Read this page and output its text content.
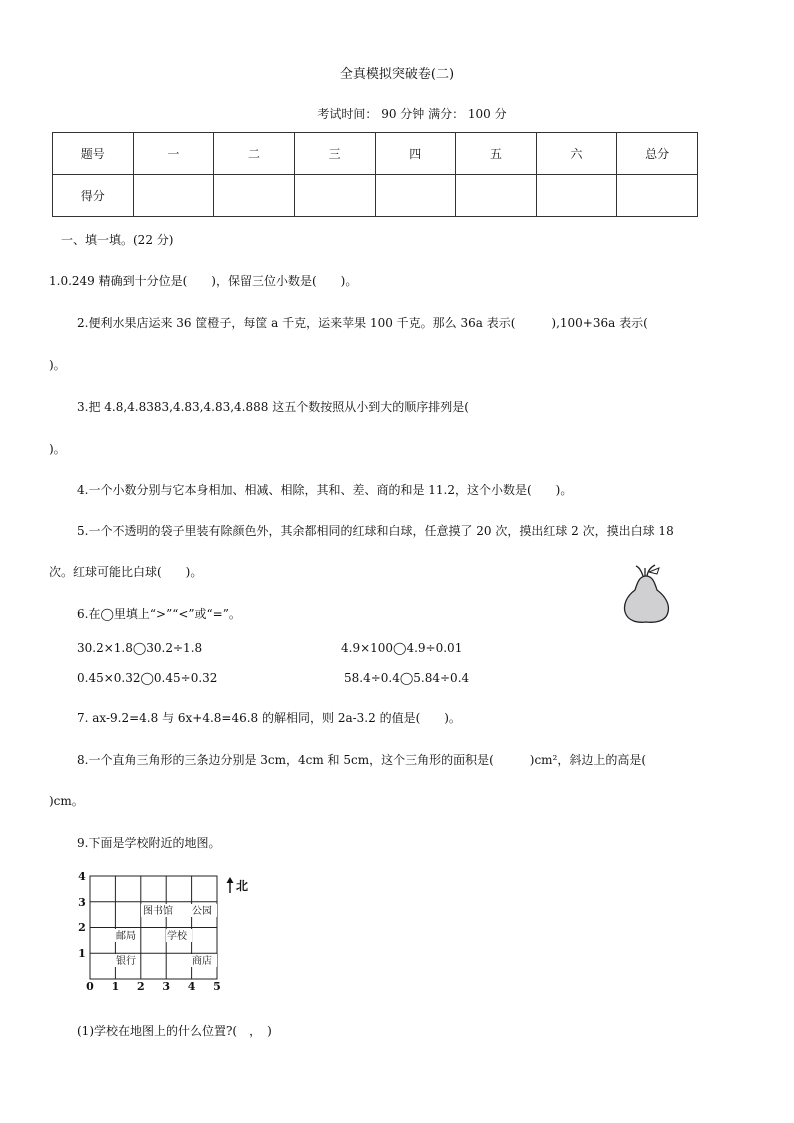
全真模拟突破卷(二)
考试时间： 90 分钟 满分： 100 分
题号	一	二	三	四	五	六	总分
得分							
一、填一填。(22 分)
1.0.249 精确到十分位是(　　)，保留三位小数是(　　)。
2.便利水果店运来 36 筐橙子，每筐 a 千克，运来苹果 100 千克。那么 36a 表示(　　　),100+36a 表示(
)。
3.把 4.8,4.8383,4.83,4.83,4.888 这五个数按照从小到大的顺序排列是(
)。
4.一个小数分别与它本身相加、相减、相除，其和、差、商的和是 11.2，这个小数是(　　)。
5.一个不透明的袋子里装有除颜色外，其余都相同的红球和白球，任意摸了 20 次，摸出红球 2 次，摸出白球 18
次。红球可能比白球(　　)。
6.在◯里填上“>”“<”或“=”。
30.2×1.8◯30.2÷1.8	4.9×100◯4.9÷0.01
0.45×0.32◯0.45÷0.32	58.4÷0.4◯5.84÷0.4
7. ax-9.2=4.8 与 6x+4.8=46.8 的解相同，则 2a-3.2 的值是(　　)。
8.一个直角三角形的三条边分别是 3cm，4cm 和 5cm，这个三角形的面积是(　　　)cm²，斜边上的高是(
)cm。
9.下面是学校附近的地图。
0 1 2 3 4 5
1
2
3
4
北
图书馆 公园
邮局	学校
银行	商店
(1)学校在地图上的什么位置?(　，　)
